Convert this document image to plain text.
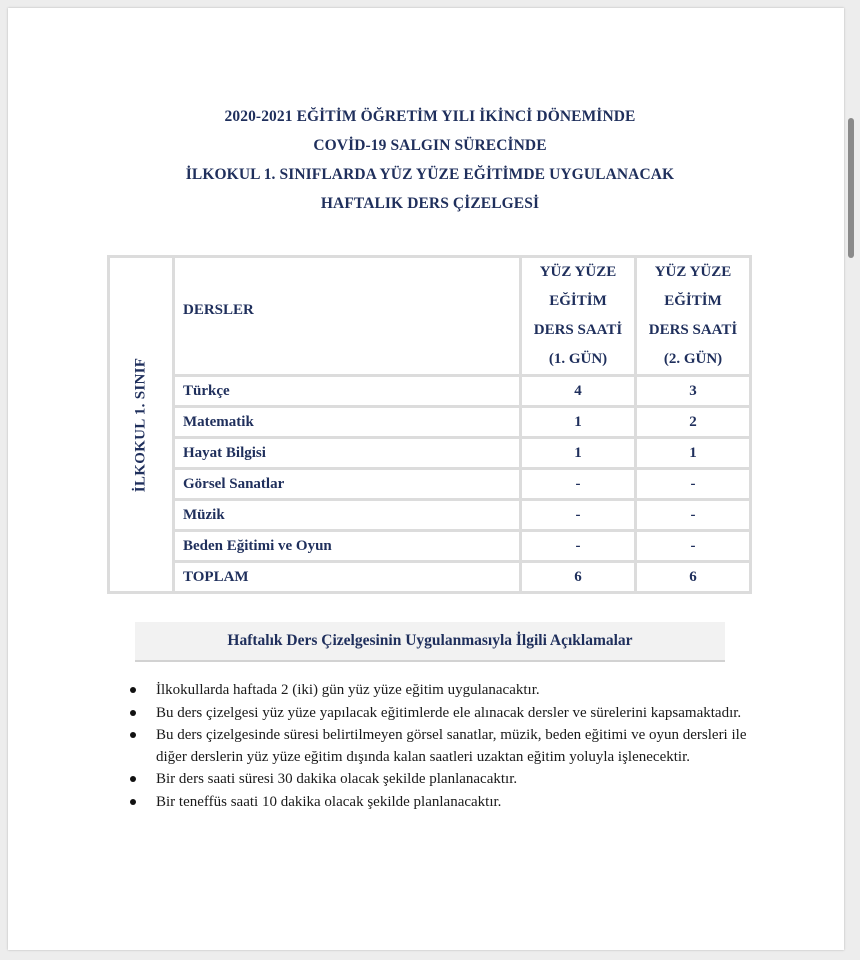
2020-2021 EĞİTİM ÖĞRETİM YILI İKİNCİ DÖNEMİNDE
COVİD-19 SALGIN SÜRECİNDE
İLKOKUL 1. SINIFLARDA YÜZ YÜZE EĞİTİMDE UYGULANACAK
HAFTALIK DERS ÇİZELGESİ
İLKOKUL 1. SINIF	DERSLER	YÜZ YÜZE
EĞİTİM
DERS SAATİ
(1. GÜN)	YÜZ YÜZE
EĞİTİM
DERS SAATİ
(2. GÜN)

	Türkçe	4	3
	Matematik	1	2
	Hayat Bilgisi	1	1
	Görsel Sanatlar	-	-
	Müzik	-	-
	Beden Eğitimi ve Oyun	-	-
	TOPLAM	6	6
Haftalık Ders Çizelgesinin Uygulanmasıyla İlgili Açıklamalar
İlkokullarda haftada 2 (iki) gün yüz yüze eğitim uygulanacaktır.
Bu ders çizelgesi yüz yüze yapılacak eğitimlerde ele alınacak dersler ve sürelerini kapsamaktadır.
Bu ders çizelgesinde süresi belirtilmeyen görsel sanatlar, müzik, beden eğitimi ve oyun dersleri ile diğer derslerin yüz yüze eğitim dışında kalan saatleri uzaktan eğitim yoluyla işlenecektir.
Bir ders saati süresi 30 dakika olacak şekilde planlanacaktır.
Bir teneffüs saati 10 dakika olacak şekilde planlanacaktır.
